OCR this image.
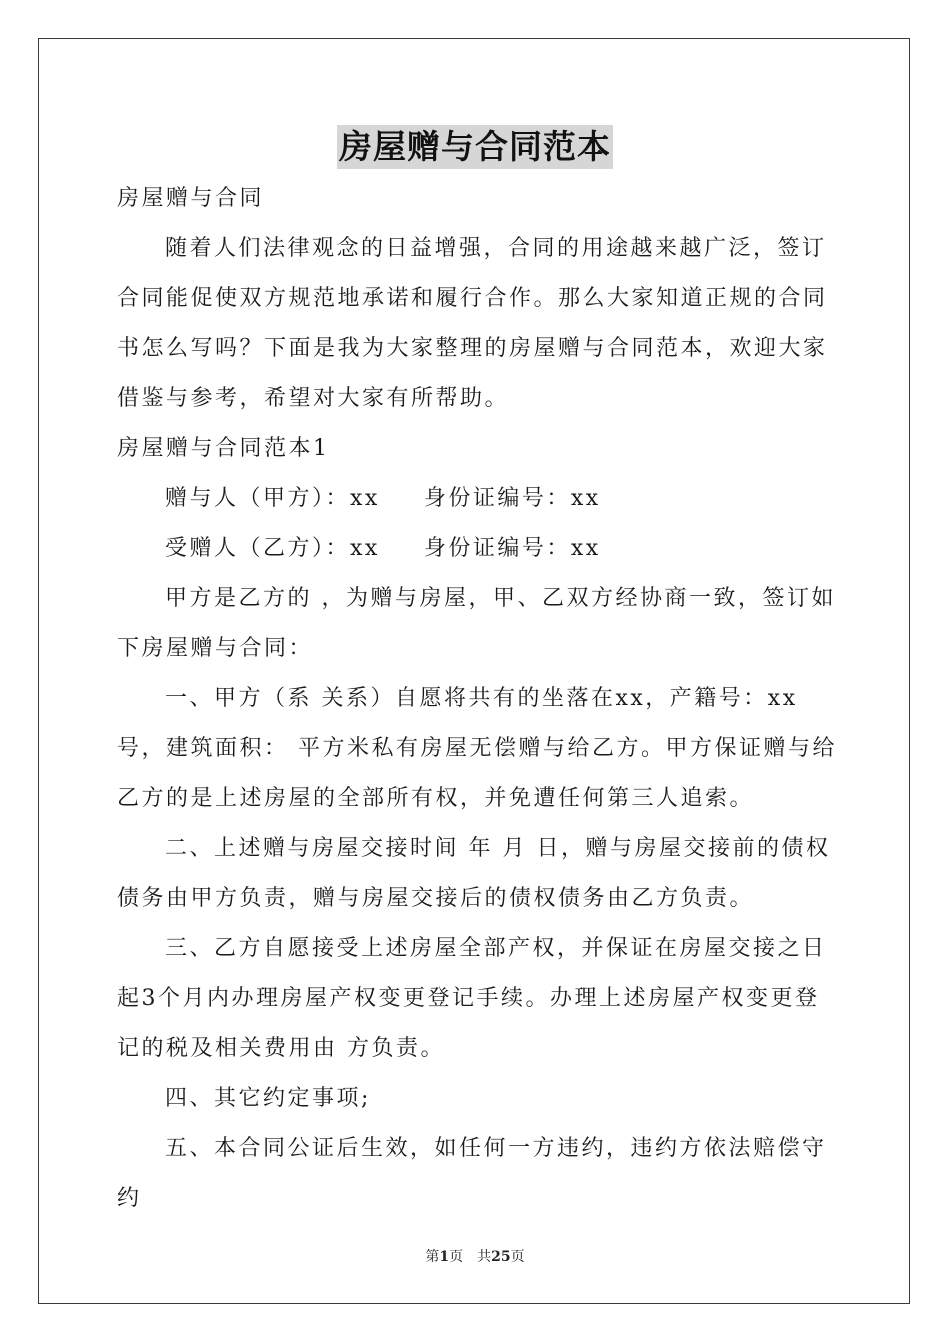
房屋赠与合同范本

房屋赠与合同

随着人们法律观念的日益增强，合同的用途越来越广泛，签订合同能促使双方规范地承诺和履行合作。那么大家知道正规的合同书怎么写吗？下面是我为大家整理的房屋赠与合同范本，欢迎大家借鉴与参考，希望对大家有所帮助。

房屋赠与合同范本1

赠与人（甲方）：xx 身份证编号：xx

受赠人（乙方）：xx 身份证编号：xx

甲方是乙方的 ，为赠与房屋，甲、乙双方经协商一致，签订如下房屋赠与合同：

一、甲方（系 关系）自愿将共有的坐落在xx，产籍号：xx 号，建筑面积： 平方米私有房屋无偿赠与给乙方。甲方保证赠与给乙方的是上述房屋的全部所有权，并免遭任何第三人追索。

二、上述赠与房屋交接时间 年 月 日，赠与房屋交接前的债权债务由甲方负责，赠与房屋交接后的债权债务由乙方负责。

三、乙方自愿接受上述房屋全部产权，并保证在房屋交接之日起3个月内办理房屋产权变更登记手续。办理上述房屋产权变更登记的税及相关费用由 方负责。

四、其它约定事项;

五、本合同公证后生效，如任何一方违约，违约方依法赔偿守约

第1页 共25页
